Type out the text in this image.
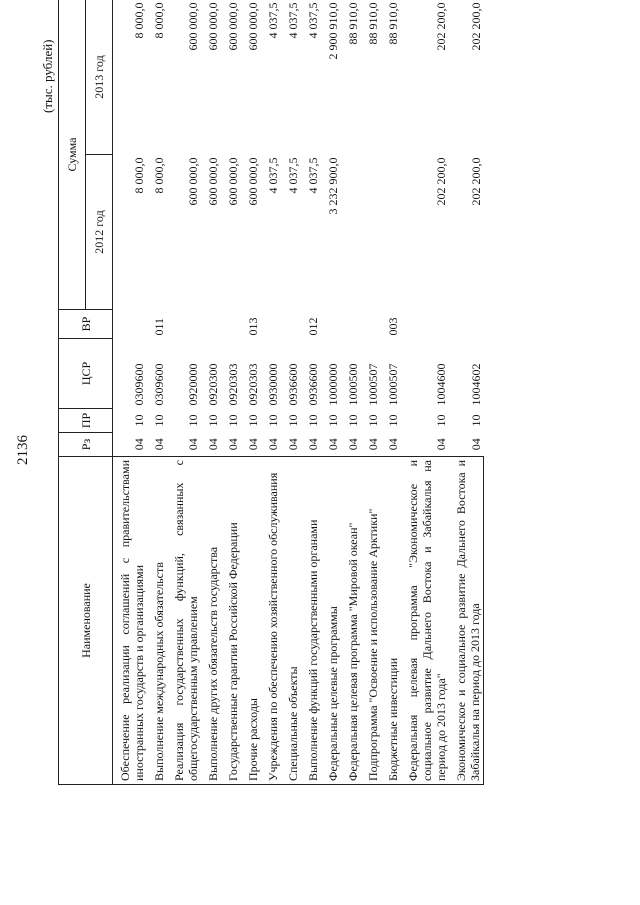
2136
(тыс. рублей)
Наименование	Рз	ПР	ЦСР	ВР	Сумма	
					2012 год	2013 год
Обеспечение реализации соглашений с правительствами иностранных государств и организациями	04	10	0309600		8 000,0	8 000,0
Выполнение международных обязательств	04	10	0309600	011	8 000,0	8 000,0
Реализация государственных функций, связанных с общегосударственным управлением	04	10	0920000		600 000,0	600 000,0
Выполнение других обязательств государства	04	10	0920300		600 000,0	600 000,0
Государственные гарантии Российской Федерации	04	10	0920303		600 000,0	600 000,0
Прочие расходы	04	10	0920303	013	600 000,0	600 000,0
Учреждения по обеспечению хозяйственного обслуживания	04	10	0930000		4 037,5	4 037,5
Специальные объекты	04	10	0936600		4 037,5	4 037,5
Выполнение функций государственными органами	04	10	0936600	012	4 037,5	4 037,5
Федеральные целевые программы	04	10	1000000		3 232 900,0	2 900 910,0
Федеральная целевая программа "Мировой океан"	04	10	1000500			88 910,0
Подпрограмма "Освоение и использование Арктики"	04	10	1000507			88 910,0
Бюджетные инвестиции	04	10	1000507	003		88 910,0
Федеральная целевая программа "Экономическое и социальное развитие Дальнего Востока и Забайкалья на период до 2013 года"	04	10	1004600		202 200,0	202 200,0
Экономическое и социальное развитие Дальнего Востока и Забайкалья на период до 2013 года	04	10	1004602		202 200,0	202 200,0
